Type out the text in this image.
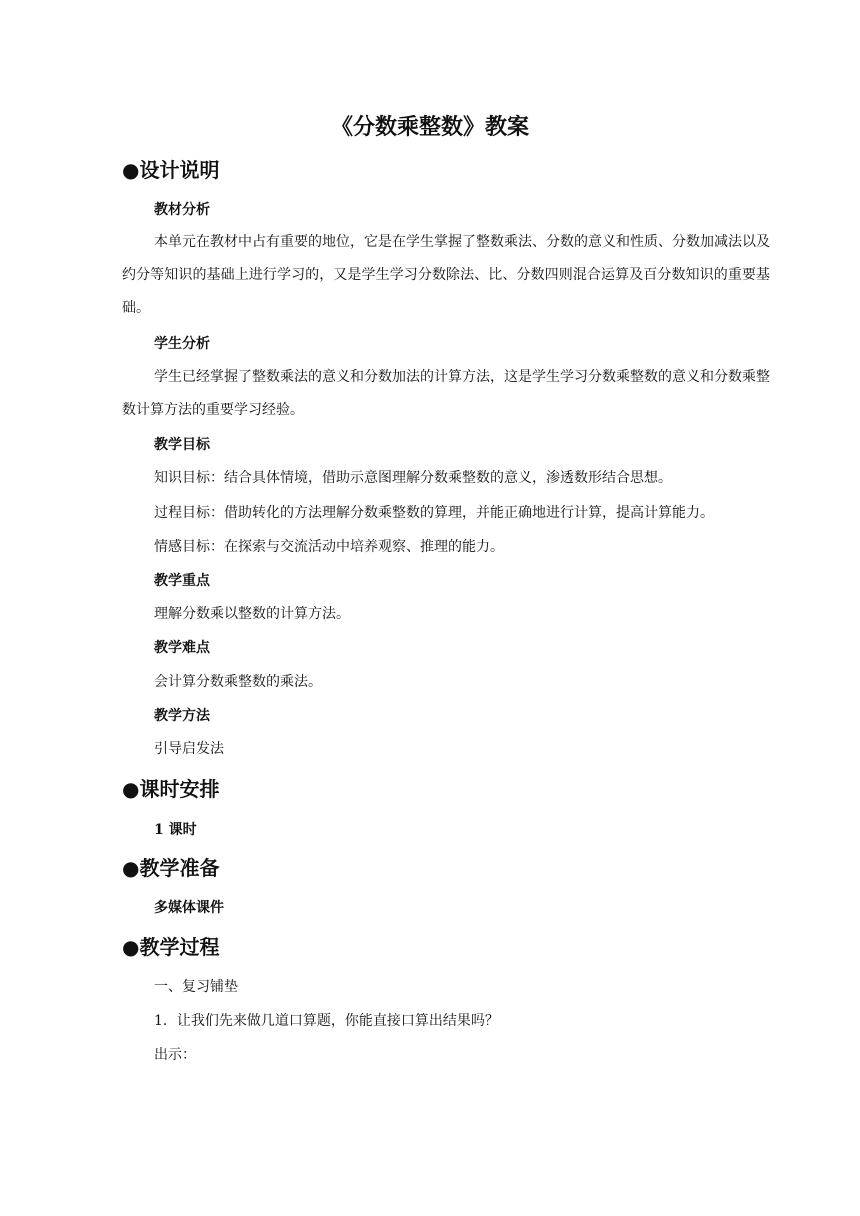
《分数乘整数》教案
●设计说明
教材分析
本单元在教材中占有重要的地位，它是在学生掌握了整数乘法、分数的意义和性质、分数加减法以及约分等知识的基础上进行学习的，又是学生学习分数除法、比、分数四则混合运算及百分数知识的重要基础。
学生分析
学生已经掌握了整数乘法的意义和分数加法的计算方法，这是学生学习分数乘整数的意义和分数乘整数计算方法的重要学习经验。
教学目标
知识目标：结合具体情境，借助示意图理解分数乘整数的意义，渗透数形结合思想。
过程目标：借助转化的方法理解分数乘整数的算理，并能正确地进行计算，提高计算能力。
情感目标：在探索与交流活动中培养观察、推理的能力。
教学重点
理解分数乘以整数的计算方法。
教学难点
会计算分数乘整数的乘法。
教学方法
引导启发法
●课时安排
1 课时
●教学准备
多媒体课件
●教学过程
一、复习铺垫
1．让我们先来做几道口算题，你能直接口算出结果吗？
出示：
